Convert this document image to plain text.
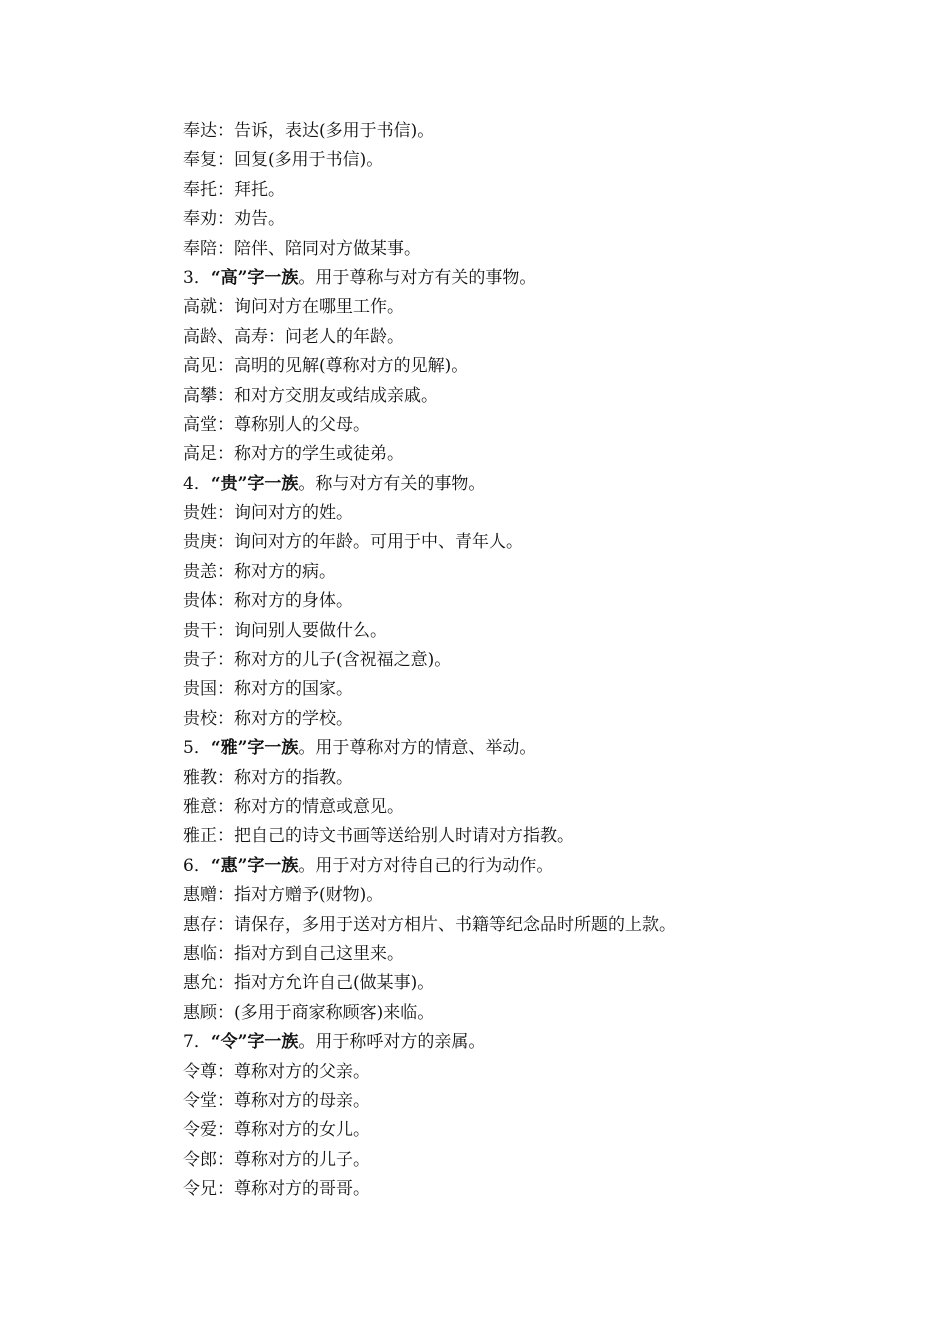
奉达：告诉，表达(多用于书信)。
奉复：回复(多用于书信)。
奉托：拜托。
奉劝：劝告。
奉陪：陪伴、陪同对方做某事。
3．“高”字一族。用于尊称与对方有关的事物。
高就：询问对方在哪里工作。
高龄、高寿：问老人的年龄。
高见：高明的见解(尊称对方的见解)。
高攀：和对方交朋友或结成亲戚。
高堂：尊称别人的父母。
高足：称对方的学生或徒弟。
4．“贵”字一族。称与对方有关的事物。
贵姓：询问对方的姓。
贵庚：询问对方的年龄。可用于中、青年人。
贵恙：称对方的病。
贵体：称对方的身体。
贵干：询问别人要做什么。
贵子：称对方的儿子(含祝福之意)。
贵国：称对方的国家。
贵校：称对方的学校。
5．“雅”字一族。用于尊称对方的情意、举动。
雅教：称对方的指教。
雅意：称对方的情意或意见。
雅正：把自己的诗文书画等送给别人时请对方指教。
6．“惠”字一族。用于对方对待自己的行为动作。
惠赠：指对方赠予(财物)。
惠存：请保存，多用于送对方相片、书籍等纪念品时所题的上款。
惠临：指对方到自己这里来。
惠允：指对方允许自己(做某事)。
惠顾：(多用于商家称顾客)来临。
7．“令”字一族。用于称呼对方的亲属。
令尊：尊称对方的父亲。
令堂：尊称对方的母亲。
令爱：尊称对方的女儿。
令郎：尊称对方的儿子。
令兄：尊称对方的哥哥。
